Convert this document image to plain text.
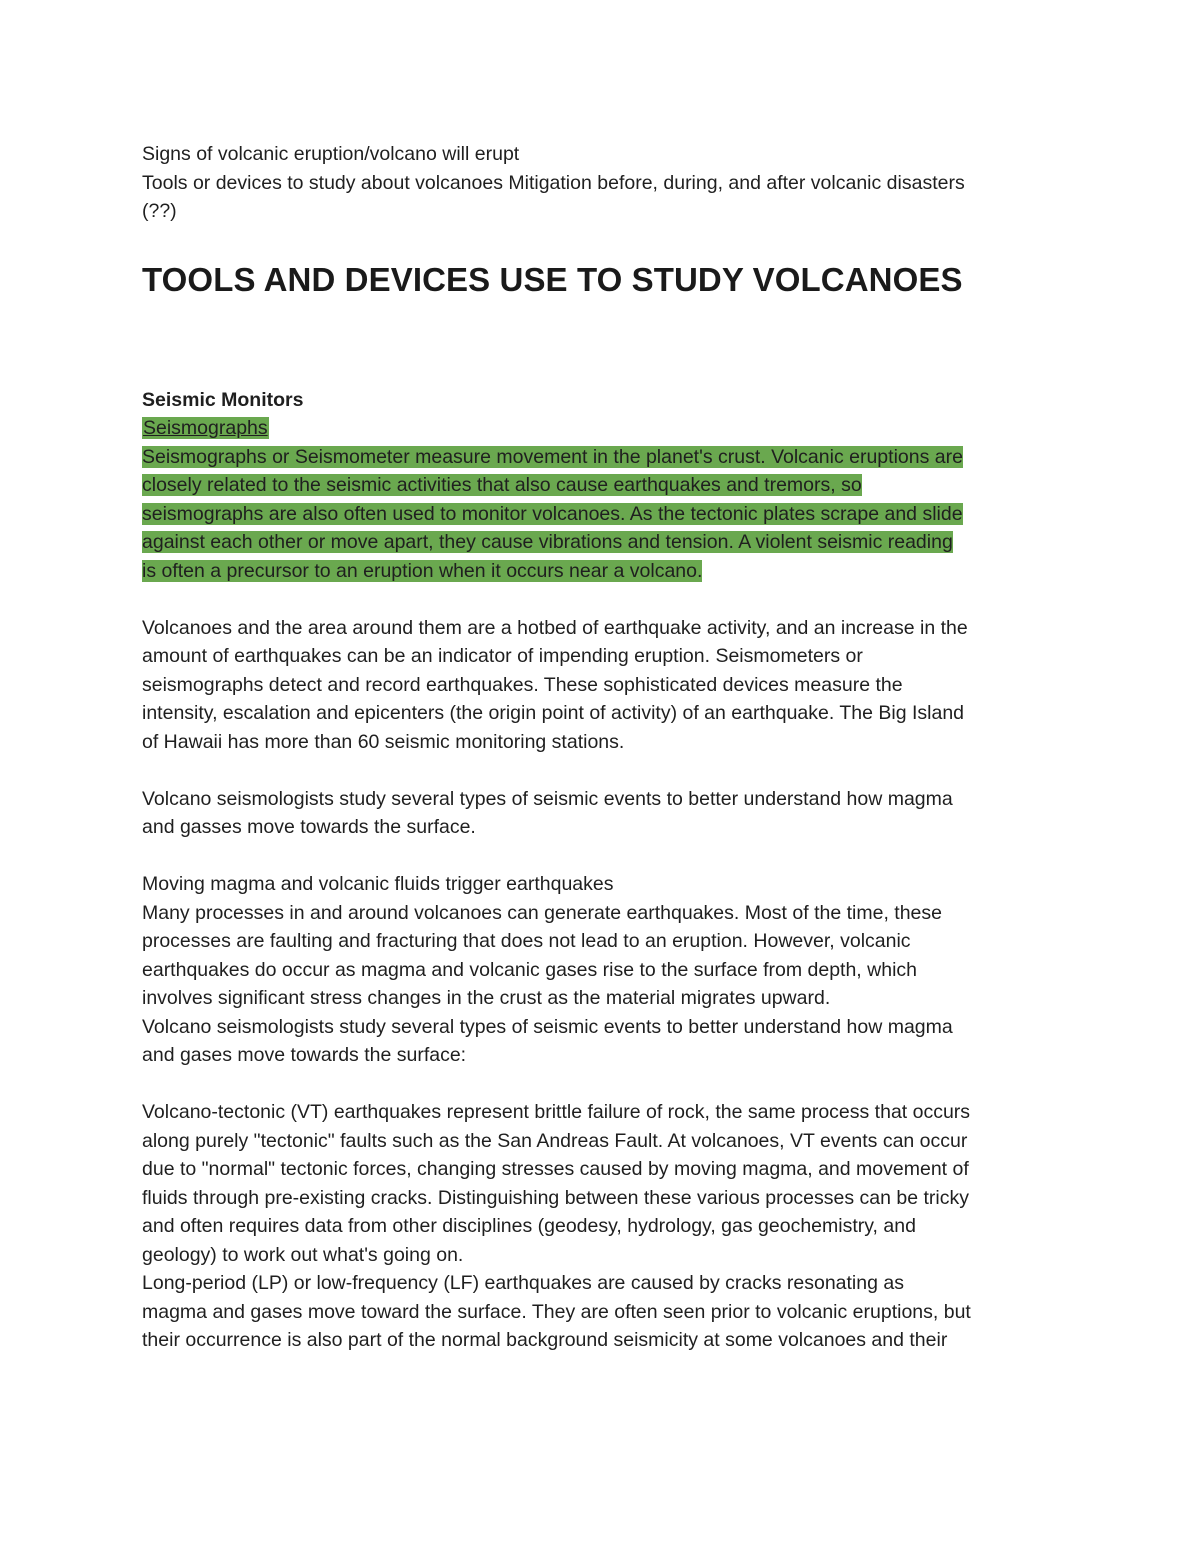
Signs of volcanic eruption/volcano will erupt

Tools or devices to study about volcanoes Mitigation before, during, and after volcanic disasters

(??)

TOOLS AND DEVICES USE TO STUDY VOLCANOES

Seismic Monitors

Seismographs

Seismographs or Seismometer measure movement in the planet's crust. Volcanic eruptions are
closely related to the seismic activities that also cause earthquakes and tremors, so
seismographs are also often used to monitor volcanoes. As the tectonic plates scrape and slide
against each other or move apart, they cause vibrations and tension. A violent seismic reading
is often a precursor to an eruption when it occurs near a volcano.

Volcanoes and the area around them are a hotbed of earthquake activity, and an increase in the

amount of earthquakes can be an indicator of impending eruption. Seismometers or

seismographs detect and record earthquakes. These sophisticated devices measure the

intensity, escalation and epicenters (the origin point of activity) of an earthquake. The Big Island

of Hawaii has more than 60 seismic monitoring stations.

Volcano seismologists study several types of seismic events to better understand how magma

and gasses move towards the surface.

Moving magma and volcanic fluids trigger earthquakes

Many processes in and around volcanoes can generate earthquakes. Most of the time, these

processes are faulting and fracturing that does not lead to an eruption. However, volcanic

earthquakes do occur as magma and volcanic gases rise to the surface from depth, which

involves significant stress changes in the crust as the material migrates upward.

Volcano seismologists study several types of seismic events to better understand how magma

and gases move towards the surface:

Volcano-tectonic (VT) earthquakes represent brittle failure of rock, the same process that occurs

along purely "tectonic" faults such as the San Andreas Fault. At volcanoes, VT events can occur

due to "normal" tectonic forces, changing stresses caused by moving magma, and movement of

fluids through pre-existing cracks. Distinguishing between these various processes can be tricky

and often requires data from other disciplines (geodesy, hydrology, gas geochemistry, and

geology) to work out what's going on.

Long-period (LP) or low-frequency (LF) earthquakes are caused by cracks resonating as

magma and gases move toward the surface. They are often seen prior to volcanic eruptions, but

their occurrence is also part of the normal background seismicity at some volcanoes and their
